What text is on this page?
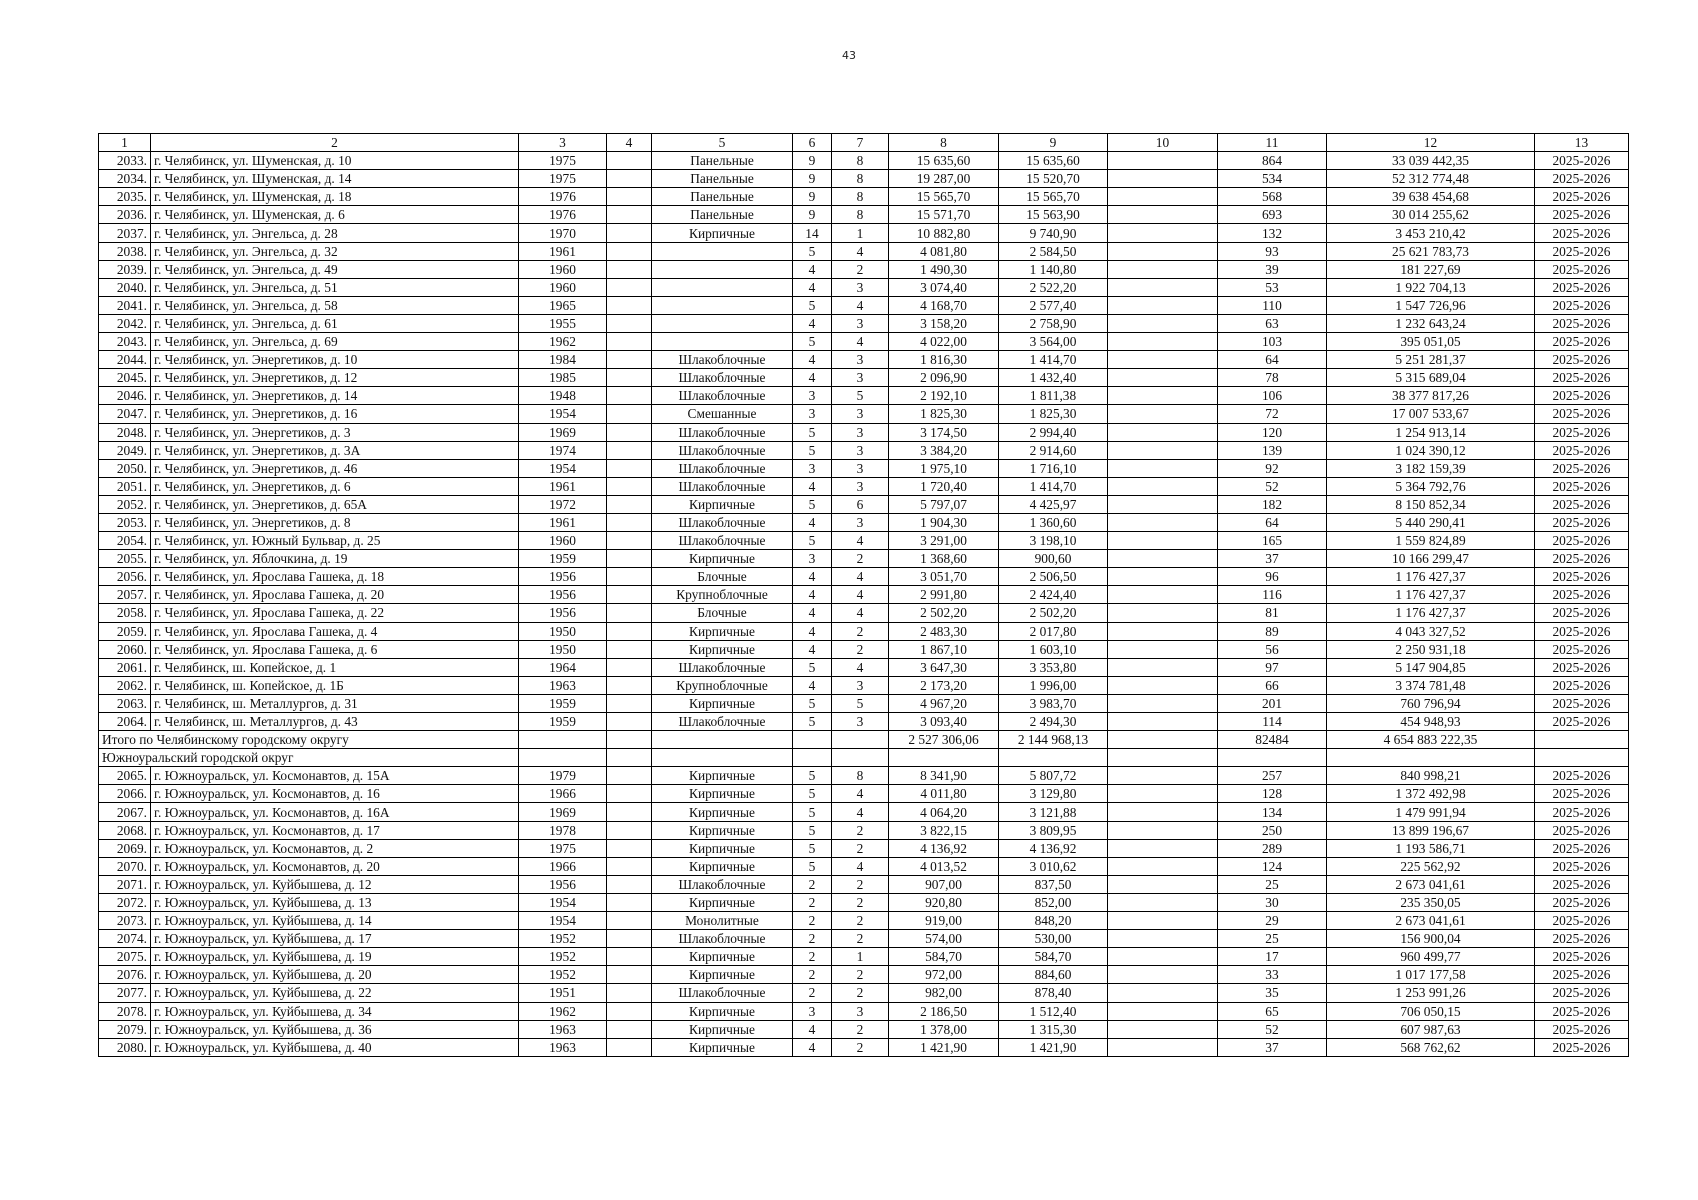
43
1	2	3	4	5	6	7	8	9	10	11	12	13
2033.	г. Челябинск, ул. Шуменская, д. 10	1975		Панельные	9	8	15 635,60	15 635,60		864	33 039 442,35	2025-2026
2034.	г. Челябинск, ул. Шуменская, д. 14	1975		Панельные	9	8	19 287,00	15 520,70		534	52 312 774,48	2025-2026
2035.	г. Челябинск, ул. Шуменская, д. 18	1976		Панельные	9	8	15 565,70	15 565,70		568	39 638 454,68	2025-2026
2036.	г. Челябинск, ул. Шуменская, д. 6	1976		Панельные	9	8	15 571,70	15 563,90		693	30 014 255,62	2025-2026
2037.	г. Челябинск, ул. Энгельса, д. 28	1970		Кирпичные	14	1	10 882,80	9 740,90		132	3 453 210,42	2025-2026
2038.	г. Челябинск, ул. Энгельса, д. 32	1961			5	4	4 081,80	2 584,50		93	25 621 783,73	2025-2026
2039.	г. Челябинск, ул. Энгельса, д. 49	1960			4	2	1 490,30	1 140,80		39	181 227,69	2025-2026
2040.	г. Челябинск, ул. Энгельса, д. 51	1960			4	3	3 074,40	2 522,20		53	1 922 704,13	2025-2026
2041.	г. Челябинск, ул. Энгельса, д. 58	1965			5	4	4 168,70	2 577,40		110	1 547 726,96	2025-2026
2042.	г. Челябинск, ул. Энгельса, д. 61	1955			4	3	3 158,20	2 758,90		63	1 232 643,24	2025-2026
2043.	г. Челябинск, ул. Энгельса, д. 69	1962			5	4	4 022,00	3 564,00		103	395 051,05	2025-2026
2044.	г. Челябинск, ул. Энергетиков, д. 10	1984		Шлакоблочные	4	3	1 816,30	1 414,70		64	5 251 281,37	2025-2026
2045.	г. Челябинск, ул. Энергетиков, д. 12	1985		Шлакоблочные	4	3	2 096,90	1 432,40		78	5 315 689,04	2025-2026
2046.	г. Челябинск, ул. Энергетиков, д. 14	1948		Шлакоблочные	3	5	2 192,10	1 811,38		106	38 377 817,26	2025-2026
2047.	г. Челябинск, ул. Энергетиков, д. 16	1954		Смешанные	3	3	1 825,30	1 825,30		72	17 007 533,67	2025-2026
2048.	г. Челябинск, ул. Энергетиков, д. 3	1969		Шлакоблочные	5	3	3 174,50	2 994,40		120	1 254 913,14	2025-2026
2049.	г. Челябинск, ул. Энергетиков, д. 3А	1974		Шлакоблочные	5	3	3 384,20	2 914,60		139	1 024 390,12	2025-2026
2050.	г. Челябинск, ул. Энергетиков, д. 46	1954		Шлакоблочные	3	3	1 975,10	1 716,10		92	3 182 159,39	2025-2026
2051.	г. Челябинск, ул. Энергетиков, д. 6	1961		Шлакоблочные	4	3	1 720,40	1 414,70		52	5 364 792,76	2025-2026
2052.	г. Челябинск, ул. Энергетиков, д. 65А	1972		Кирпичные	5	6	5 797,07	4 425,97		182	8 150 852,34	2025-2026
2053.	г. Челябинск, ул. Энергетиков, д. 8	1961		Шлакоблочные	4	3	1 904,30	1 360,60		64	5 440 290,41	2025-2026
2054.	г. Челябинск, ул. Южный Бульвар, д. 25	1960		Шлакоблочные	5	4	3 291,00	3 198,10		165	1 559 824,89	2025-2026
2055.	г. Челябинск, ул. Яблочкина, д. 19	1959		Кирпичные	3	2	1 368,60	900,60		37	10 166 299,47	2025-2026
2056.	г. Челябинск, ул. Ярослава Гашека, д. 18	1956		Блочные	4	4	3 051,70	2 506,50		96	1 176 427,37	2025-2026
2057.	г. Челябинск, ул. Ярослава Гашека, д. 20	1956		Крупноблочные	4	4	2 991,80	2 424,40		116	1 176 427,37	2025-2026
2058.	г. Челябинск, ул. Ярослава Гашека, д. 22	1956		Блочные	4	4	2 502,20	2 502,20		81	1 176 427,37	2025-2026
2059.	г. Челябинск, ул. Ярослава Гашека, д. 4	1950		Кирпичные	4	2	2 483,30	2 017,80		89	4 043 327,52	2025-2026
2060.	г. Челябинск, ул. Ярослава Гашека, д. 6	1950		Кирпичные	4	2	1 867,10	1 603,10		56	2 250 931,18	2025-2026
2061.	г. Челябинск, ш. Копейское, д. 1	1964		Шлакоблочные	5	4	3 647,30	3 353,80		97	5 147 904,85	2025-2026
2062.	г. Челябинск, ш. Копейское, д. 1Б	1963		Крупноблочные	4	3	2 173,20	1 996,00		66	3 374 781,48	2025-2026
2063.	г. Челябинск, ш. Металлургов, д. 31	1959		Кирпичные	5	5	4 967,20	3 983,70		201	760 796,94	2025-2026
2064.	г. Челябинск, ш. Металлургов, д. 43	1959		Шлакоблочные	5	3	3 093,40	2 494,30		114	454 948,93	2025-2026
Итого по Челябинскому городскому округу							2 527 306,06	2 144 968,13		82484	4 654 883 222,35	
Южноуральский городской округ												
2065.	г. Южноуральск, ул. Космонавтов, д. 15А	1979		Кирпичные	5	8	8 341,90	5 807,72		257	840 998,21	2025-2026
2066.	г. Южноуральск, ул. Космонавтов, д. 16	1966		Кирпичные	5	4	4 011,80	3 129,80		128	1 372 492,98	2025-2026
2067.	г. Южноуральск, ул. Космонавтов, д. 16А	1969		Кирпичные	5	4	4 064,20	3 121,88		134	1 479 991,94	2025-2026
2068.	г. Южноуральск, ул. Космонавтов, д. 17	1978		Кирпичные	5	2	3 822,15	3 809,95		250	13 899 196,67	2025-2026
2069.	г. Южноуральск, ул. Космонавтов, д. 2	1975		Кирпичные	5	2	4 136,92	4 136,92		289	1 193 586,71	2025-2026
2070.	г. Южноуральск, ул. Космонавтов, д. 20	1966		Кирпичные	5	4	4 013,52	3 010,62		124	225 562,92	2025-2026
2071.	г. Южноуральск, ул. Куйбышева, д. 12	1956		Шлакоблочные	2	2	907,00	837,50		25	2 673 041,61	2025-2026
2072.	г. Южноуральск, ул. Куйбышева, д. 13	1954		Кирпичные	2	2	920,80	852,00		30	235 350,05	2025-2026
2073.	г. Южноуральск, ул. Куйбышева, д. 14	1954		Монолитные	2	2	919,00	848,20		29	2 673 041,61	2025-2026
2074.	г. Южноуральск, ул. Куйбышева, д. 17	1952		Шлакоблочные	2	2	574,00	530,00		25	156 900,04	2025-2026
2075.	г. Южноуральск, ул. Куйбышева, д. 19	1952		Кирпичные	2	1	584,70	584,70		17	960 499,77	2025-2026
2076.	г. Южноуральск, ул. Куйбышева, д. 20	1952		Кирпичные	2	2	972,00	884,60		33	1 017 177,58	2025-2026
2077.	г. Южноуральск, ул. Куйбышева, д. 22	1951		Шлакоблочные	2	2	982,00	878,40		35	1 253 991,26	2025-2026
2078.	г. Южноуральск, ул. Куйбышева, д. 34	1962		Кирпичные	3	3	2 186,50	1 512,40		65	706 050,15	2025-2026
2079.	г. Южноуральск, ул. Куйбышева, д. 36	1963		Кирпичные	4	2	1 378,00	1 315,30		52	607 987,63	2025-2026
2080.	г. Южноуральск, ул. Куйбышева, д. 40	1963		Кирпичные	4	2	1 421,90	1 421,90		37	568 762,62	2025-2026
